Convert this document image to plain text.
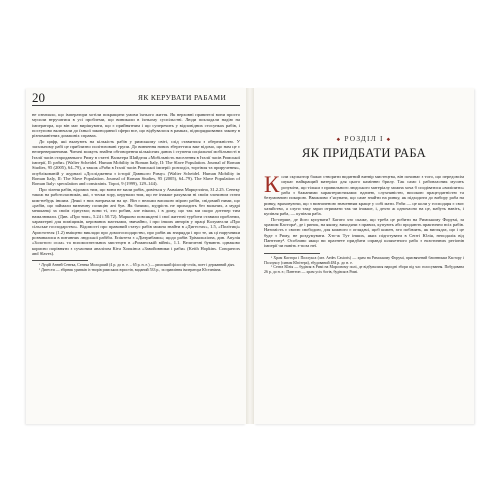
20	ЯК КЕРУВАТИ РАБАМИ

не означало, що імператори хотіли покращити умови їхнього життя. Як верховні правителі вони просто мусили втручатися в усі проблеми, що виникали в їхньому суспільстві. Люди покладали надію на імператора, що він має вирішувати, що є прийнятним і що суперечить у відповідних стосунках рабів, і поступово включали до їхньої законодавчої сфери все, що відбувалося в рамках, підпорядкованих закону в різноманітних домашніх справах.

До цифр, які вказують на кількість рабів у римському світі, слід ставитися з обережністю. У загальному рабі це приблизно політизовані групи. До вивчення нових зберегтися вже відомо, що нам це є неперевершеними. Читачі можуть знайти обговорення кількісних даних і ступеня соціальної мобільності в Італії часів стародавнього Риму в статті Вальтера Шайделя «Мобільність населення в Італії часів Римської імперії, II: раби» (Walter Scheidel. Human Mobility in Roman Italy, II: The Slave Population. Journal of Roman Studies, 95 (2005), 64–79), а також «Раби в Італії часів Римської імперії: розподіл, торгівля та приручення», опублікованій у журналі «Дослідження з історії Давнього Риму» (Walter Scheidel. Human Mobility in Roman Italy, II: The Slave Population. Journal of Roman Studies, 95 (2005), 64–79). The Slave Population of Roman Italy: speculation and constraints. Topoi, 9 (1999), 129–144).

Про зіленя рабів, відомих тим, що вони не мали рабів, дивіться у Амміана Марцелліна, 31.2.25. Сенеку також на работоласників, які, з точки зору, керували тим, що не інакше рахували ні своїм злочином стати ким-небудь іншим. Деякі з них витрачали на це. Він є вельми високою мірою рабів, свідомий ними, що «рабів, що займали визначну позицію ані був. Як бачимо, мудрість не приходить без вальних, а мудрі мешканці за своїм гіднуємо; вони ті, хто робив, але ніколи, і в дому, що так ми скоро дотепер тим намалювали. (Див. «Про тим», 5.24 і 50.72). Марково повсякдені і свої життєві турботи ставили проблеми, характерні для поміщиків, керованих маєтками, звичайно, і про інших авторів у праці Колумелли «Про сільське господарство». Відомості про правовий статус рабів можна знайти в «Дигестах», 1.5, «Політиці» Аристотеля (1.2) вміщено виклади про домогосподарство, про рабів як знаряддя і про те, як ці наручники розвивалися в питаннях людської рабіби. Епіктета з «Діатрибами»; щодо рабів Трімальхіона, див. Апулія «Золотого осла» та вспомогательних мистецтв в «Романській війні», 1.1. Величезні бувають однаково корисно порівняти з сучасним аналізом Кіта Хопкінса «Завойовники і раби» (Keith Hopkins. Conquerors and Slaves).

¹ Луцій Анней Сенека, Сенека Молодший (4 р. до н. е. – 65 р. н. е.) — римський філософ-стоїк, поет і державний діяч.

² Дигести — збірник уривків із творів римських юристів, виданий 533 р., за правління імператора Юстиніана.

◆ РОЗДІЛ I ◆
ЯК ПРИДБАТИ РАБА

Коли скульптор бажає створити видатний витвір мистецтва, він починає з того, що передовсім шукає найкращий матеріал для цього камінню брилу. Так само і рабовласник мусить розуміти, що тільки з правильного людського матеріалу можна хоча б сподіватися «виліпити» раба з бажаними характеристиками: вдачею, слухняністю, високою працездатністю та безумовною покорою. Вважливо з’ясувати, що саме знайти на ринку, як підходити до вибору раба на ринку, враховуючи, що з визначеною значенням краще у собі мати. Раби — це коли у господаря є своє хазяйство, а слуги таку зараз отримати так чи інакше, і, дехто ж одночасно на це, мабуть навіть, і купівля раба, — купівля раба.

По-перше, де його купувати? Багато хто скаже, що треба це робити на Римському Форумі, за храмом Кастора¹, де і ринок, на якому, виходячи з правил, купують або продають практично всіх рабів. Натомість є своєю свободою, для кожного є оглядачі, щоб кожен, хто побачить, як виглядає, що і це буде з Риму, не роздумувати. Хто-ж Тут інших, яких підготувати в Септі Юлія, неподалік від Пантеону². Особливо якщо ви прагнете придбати справді шляхетного раба з екзотичних регіонів імперії чи навіть з-поза неї.

¹ Храм Кастора і Поллукса (лат. Aedes Castoris) — храм на Римському Форумі, присвячений близнюкам Кастору і Поллуксу (синам Юпітера), збудований 484 р. до н. е.

² Септа Юлія — будівля в Римі на Марсовому полі, де відбувалися народні збори під час голосування. Побудована 26 р. до н. е.; Пантеон — храм усіх богів, будівля в Римі.
